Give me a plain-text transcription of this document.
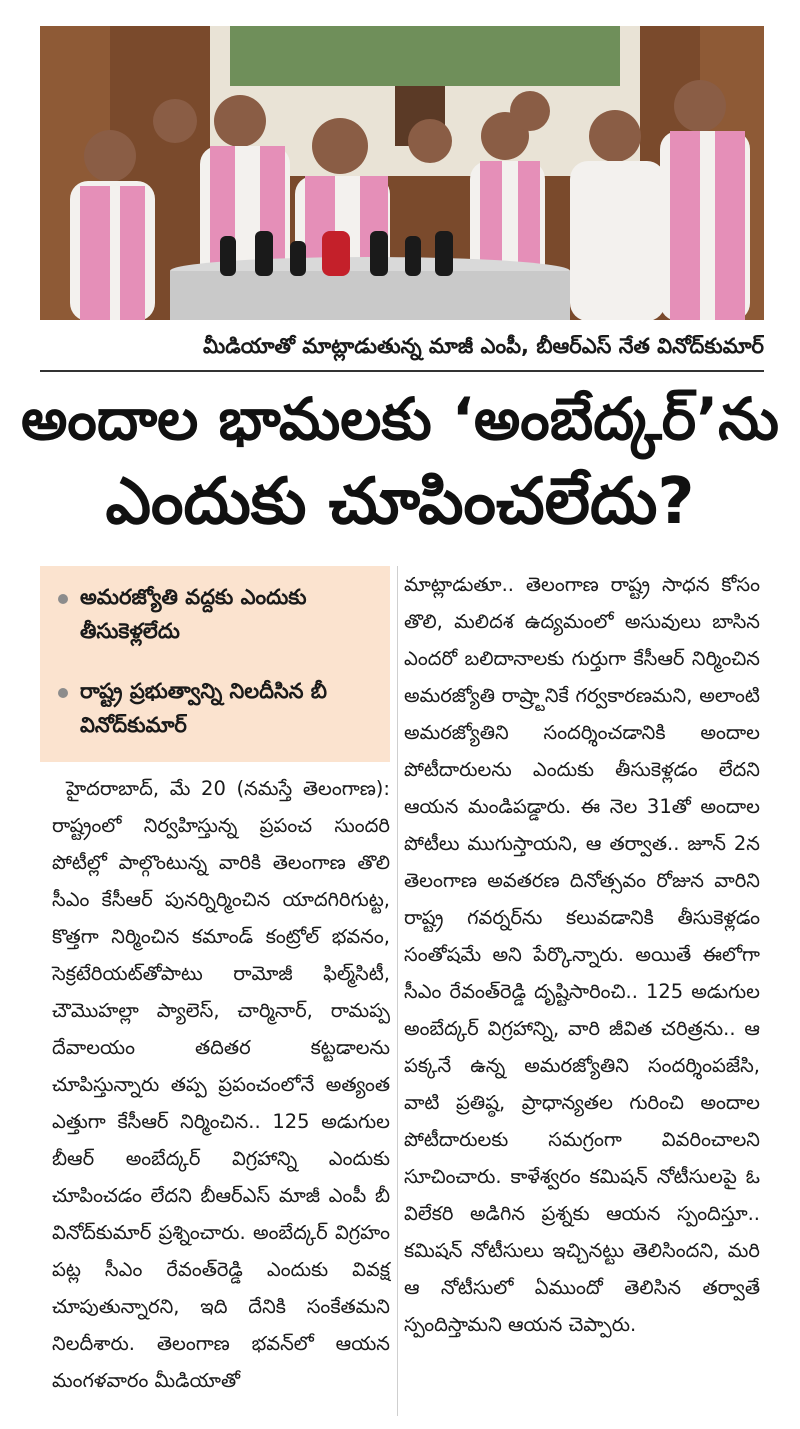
మీడియాతో మాట్లాడుతున్న మాజీ ఎంపీ, బీఆర్ఎస్ నేత వినోద్‌కుమార్
అందాల భామలకు ‘అంబేద్కర్’ను
ఎందుకు చూపించలేదు?
అమరజ్యోతి వద్దకు ఎందుకు తీసుకెళ్లలేదు
రాష్ట్ర ప్రభుత్వాన్ని నిలదీసిన బీ వినోద్‌కుమార్

హైదరాబాద్, మే 20 (నమస్తే తెలంగాణ): రాష్ట్రంలో నిర్వహిస్తున్న ప్రపంచ సుందరి పోటీల్లో పాల్గొంటున్న వారికి తెలంగాణ తొలి సీఎం కేసీఆర్ పునర్నిర్మించిన యాదగిరిగుట్ట, కొత్తగా నిర్మించిన కమాండ్ కంట్రోల్ భవనం, సెక్రటేరియట్‌తోపాటు రామోజీ ఫిల్మ్‌సిటీ, చౌమొహల్లా ప్యాలెస్, చార్మినార్, రామప్ప దేవాలయం తదితర కట్టడాలను చూపిస్తున్నారు తప్ప ప్రపంచంలోనే అత్యంత ఎత్తుగా కేసీఆర్ నిర్మించిన.. 125 అడుగుల బీఆర్ అంబేద్కర్ విగ్రహాన్ని ఎందుకు చూపించడం లేదని బీఆర్ఎస్ మాజీ ఎంపీ బీ వినోద్‌కుమార్ ప్రశ్నించారు. అంబేద్కర్ విగ్రహం పట్ల సీఎం రేవంత్‌రెడ్డి ఎందుకు వివక్ష చూపుతున్నారని, ఇది దేనికి సంకేతమని నిలదీశారు. తెలంగాణ భవన్‌లో ఆయన మంగళవారం మీడియాతో

మాట్లాడుతూ.. తెలంగాణ రాష్ట్ర సాధన కోసం తొలి, మలిదశ ఉద్యమంలో అసువులు బాసిన ఎందరో బలిదానాలకు గుర్తుగా కేసీఆర్ నిర్మించిన అమరజ్యోతి రాష్ర్టానికే గర్వకారణమని, అలాంటి అమరజ్యోతిని సందర్శించడానికి అందాల పోటీదారులను ఎందుకు తీసుకెళ్లడం లేదని ఆయన మండిపడ్డారు. ఈ నెల 31తో అందాల పోటీలు ముగుస్తాయని, ఆ తర్వాత.. జూన్ 2న తెలంగాణ అవతరణ దినోత్సవం రోజున వారిని రాష్ట్ర గవర్నర్‌ను కలువడానికి తీసుకెళ్లడం సంతోషమే అని పేర్కొన్నారు. అయితే ఈలోగా సీఎం రేవంత్‌రెడ్డి దృష్టిసారించి.. 125 అడుగుల అంబేద్కర్ విగ్రహాన్ని, వారి జీవిత చరిత్రను.. ఆ పక్కనే ఉన్న అమరజ్యోతిని సందర్శింపజేసి, వాటి ప్రతిష్ఠ, ప్రాధాన్యతల గురించి అందాల పోటీదారులకు సమగ్రంగా వివరించాలని సూచించారు. కాళేశ్వరం కమిషన్ నోటీసులపై ఓ విలేకరి అడిగిన ప్రశ్నకు ఆయన స్పందిస్తూ.. కమిషన్ నోటీసులు ఇచ్చినట్టు తెలిసిందని, మరి ఆ నోటీసులో ఏముందో తెలిసిన తర్వాతే స్పందిస్తామని ఆయన చెప్పారు.
